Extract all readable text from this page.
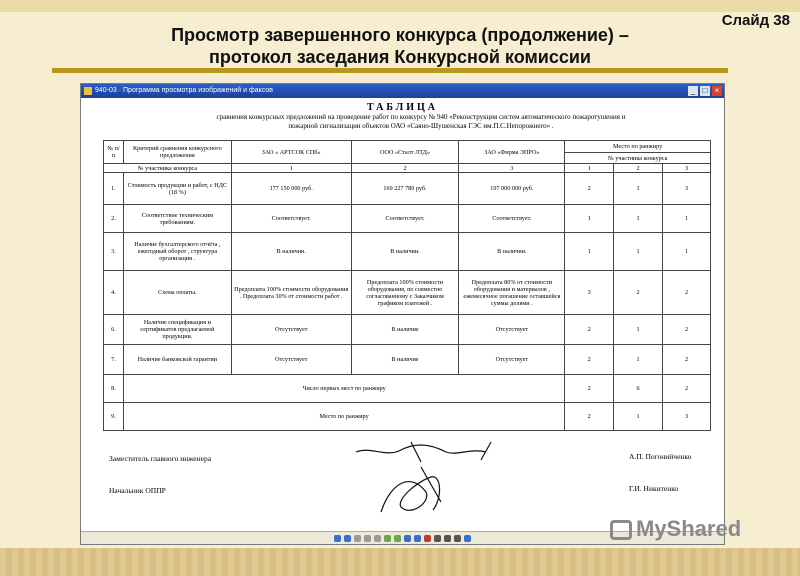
Слайд 38
Просмотр завершенного конкурса (продолжение) –
протокол заседания Конкурсной комиссии
940-03 · Программа просмотра изображений и факсов	_ □ ×
ТАБЛИЦА
сравнения конкурсных предложений на проведение работ по конкурсу № 940 «Реконструкция систем автоматического пожаротушения и
пожарной сигнализации объектов ОАО «Саяно-Шушенская ГЭС им.П.С.Непорожнего» .
№ п/п	Критерий сравнения конкурсного предложения	ЗАО « АРТСОК СПб»	ООО «Сталт ЛТД»	ЗАО «Фирма ЭПРО»	Место по ранжиру		
					№ участника конкурса		
№ участника конкурса		1	2	3	1	2	3
1.	Стоимость продукции и работ, с НДС (18 %)	177 150 000 руб.	169 227 780 руб.	197 000 000 руб.	2	1	3
2.	Соответствие техническим требованиям.	Соответствует.	Соответствует.	Соответствует.	1	1	1
3.	Наличие бухгалтерского отчёта , ежегодный оборот , структура организации .	В наличии.	В наличии.	В наличии.	1	1	1
4.	Схема оплаты.	Предоплата 100% стоимости оборудования . Предоплата 30% от стоимости работ .	Предоплата 100% стоимости оборудования, по совместно согласованному с Заказчиком графиком платежей .	Предоплата 80% от стоимости оборудования и материалов , ежемесячное погашение оставшейся суммы долями .	3	2	2
6.	Наличие спецификация и сертификатов предлагаемой продукции.	Отсутствует	В наличие	Отсутствует	2	1	2
7.	Наличие банковской гарантии	Отсутствует	В наличие	Отсутствует	2	1	2
8.	Число первых мест по ранжиру				2	6	2
9.	Место по ранжиру				2	1	3
Заместитель главного инженера	А.П. Погонийченко
Начальник ОППР	Г.И. Никитенко
MyShared
